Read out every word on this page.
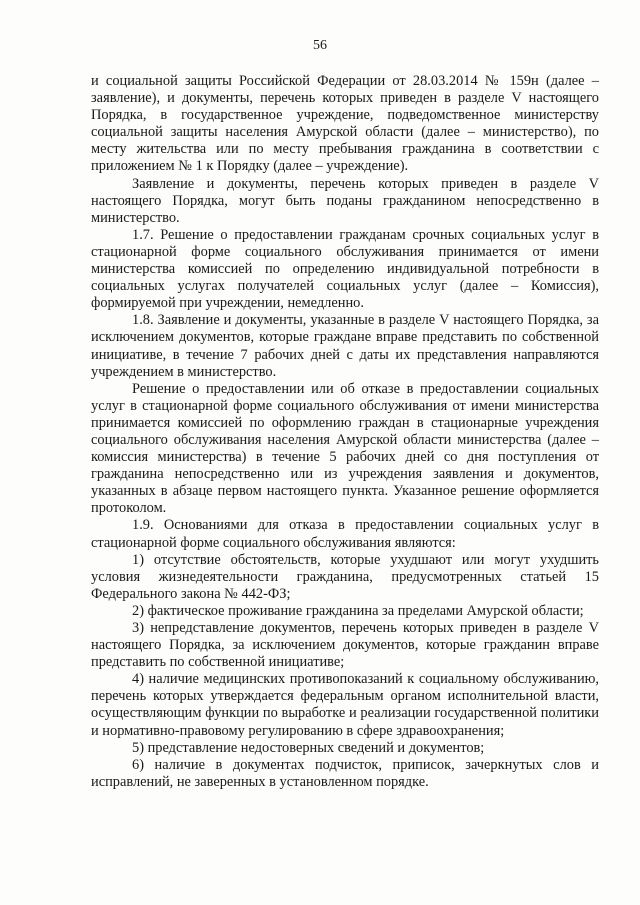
56

и социальной защиты Российской Федерации от 28.03.2014 № 159н (далее – заявление), и документы, перечень которых приведен в разделе V настоящего Порядка, в государственное учреждение, подведомственное министерству социальной защиты населения Амурской области (далее – министерство), по месту жительства или по месту пребывания гражданина в соответствии с приложением № 1 к Порядку (далее – учреждение).

Заявление и документы, перечень которых приведен в разделе V настоящего Порядка, могут быть поданы гражданином непосредственно в министерство.

1.7. Решение о предоставлении гражданам срочных социальных услуг в стационарной форме социального обслуживания принимается от имени министерства комиссией по определению индивидуальной потребности в социальных услугах получателей социальных услуг (далее – Комиссия), формируемой при учреждении, немедленно.

1.8. Заявление и документы, указанные в разделе V настоящего Порядка, за исключением документов, которые граждане вправе представить по собственной инициативе, в течение 7 рабочих дней с даты их представления направляются учреждением в министерство.

Решение о предоставлении или об отказе в предоставлении социальных услуг в стационарной форме социального обслуживания от имени министерства принимается комиссией по оформлению граждан в стационарные учреждения социального обслуживания населения Амурской области министерства (далее – комиссия министерства) в течение 5 рабочих дней со дня поступления от гражданина непосредственно или из учреждения заявления и документов, указанных в абзаце первом настоящего пункта. Указанное решение оформляется протоколом.

1.9. Основаниями для отказа в предоставлении социальных услуг в стационарной форме социального обслуживания являются:

1) отсутствие обстоятельств, которые ухудшают или могут ухудшить условия жизнедеятельности гражданина, предусмотренных статьей 15 Федерального закона № 442-ФЗ;

2) фактическое проживание гражданина за пределами Амурской области;

3) непредставление документов, перечень которых приведен в разделе V настоящего Порядка, за исключением документов, которые гражданин вправе представить по собственной инициативе;

4) наличие медицинских противопоказаний к социальному обслуживанию, перечень которых утверждается федеральным органом исполнительной власти, осуществляющим функции по выработке и реализации государственной политики и нормативно-правовому регулированию в сфере здравоохранения;

5) представление недостоверных сведений и документов;

6) наличие в документах подчисток, приписок, зачеркнутых слов и исправлений, не заверенных в установленном порядке.
